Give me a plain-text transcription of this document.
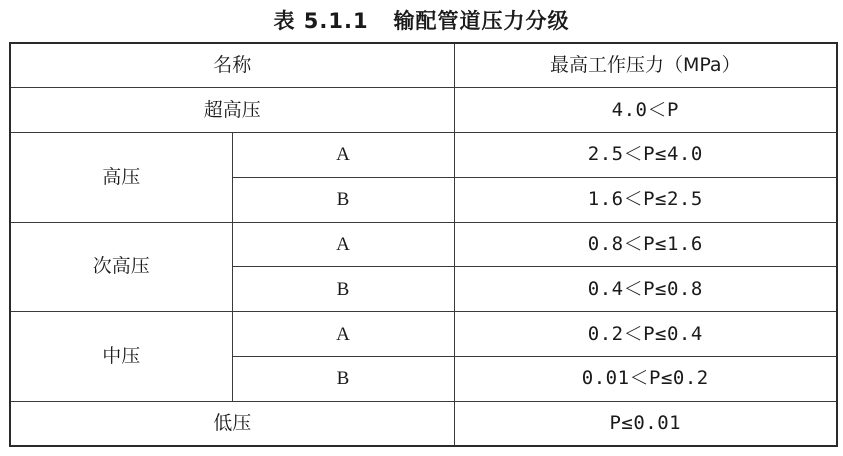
表 5.1.1   输配管道压力分级
名称		最高工作压力（MPa）
超高压		4.0＜P
高压	A	2.5＜P≤4.0
	B	1.6＜P≤2.5
次高压	A	0.8＜P≤1.6
	B	0.4＜P≤0.8
中压	A	0.2＜P≤0.4
	B	0.01＜P≤0.2
低压		P≤0.01
